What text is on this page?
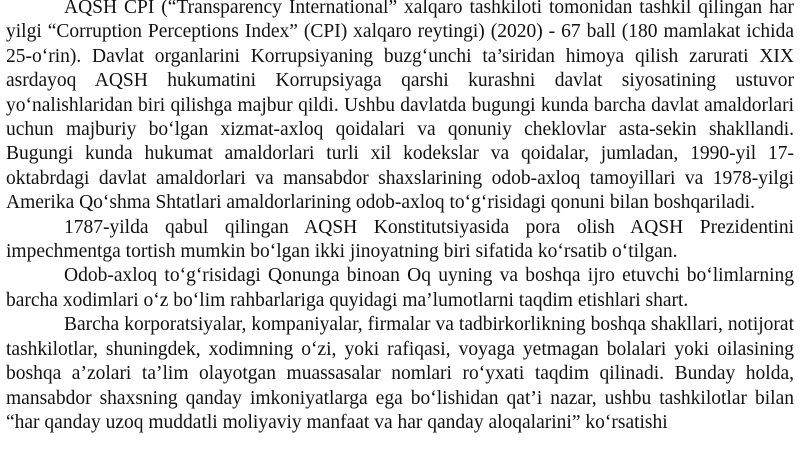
AQSH CPI (“Transparency International” xalqaro tashkiloti tomonidan tashkil qilingan har yilgi “Corruption Perceptions Index” (CPI) xalqaro reytingi) (2020) - 67 ball (180 mamlakat ichida 25-o‘rin). Davlat organlarini Korrupsiyaning buzg‘unchi ta’siridan himoya qilish zarurati XIX asrdayoq AQSH hukumatini Korrupsiyaga qarshi kurashni davlat siyosatining ustuvor yo‘nalishlaridan biri qilishga majbur qildi. Ushbu davlatda bugungi kunda barcha davlat amaldorlari uchun majburiy bo‘lgan xizmat-axloq qoidalari va qonuniy cheklovlar asta-sekin shakllandi. Bugungi kunda hukumat amaldorlari turli xil kodekslar va qoidalar, jumladan, 1990-yil 17-oktabrdagi davlat amaldorlari va mansabdor shaxslarining odob-axloq tamoyillari va 1978-yilgi Amerika Qo‘shma Shtatlari amaldorlarining odob-axloq to‘g‘risidagi qonuni bilan boshqariladi.

1787-yilda qabul qilingan AQSH Konstitutsiyasida pora olish AQSH Prezidentini impechmentga tortish mumkin bo‘lgan ikki jinoyatning biri sifatida ko‘rsatib o‘tilgan.

Odob-axloq to‘g‘risidagi Qonunga binoan Oq uyning va boshqa ijro etuvchi bo‘limlarning barcha xodimlari o‘z bo‘lim rahbarlariga quyidagi ma’lumotlarni taqdim etishlari shart.

Barcha korporatsiyalar, kompaniyalar, firmalar va tadbirkorlikning boshqa shakllari, notijorat tashkilotlar, shuningdek, xodimning o‘zi, yoki rafiqasi, voyaga yetmagan bolalari yoki oilasining boshqa a’zolari ta’lim olayotgan muassasalar nomlari ro‘yxati taqdim qilinadi. Bunday holda, mansabdor shaxsning qanday imkoniyatlarga ega bo‘lishidan qat’i nazar, ushbu tashkilotlar bilan “har qanday uzoq muddatli moliyaviy manfaat va har qanday aloqalarini” ko‘rsatishi
